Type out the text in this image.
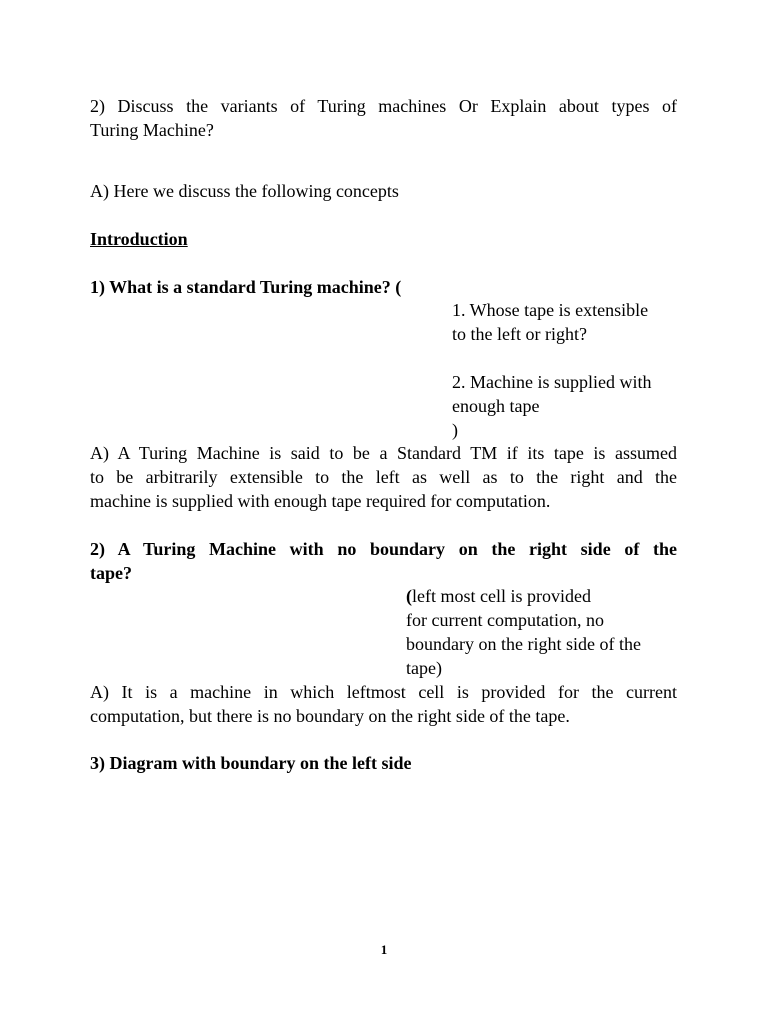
2) Discuss the variants of Turing machines Or Explain about types of
Turing Machine?
A) Here we discuss the following concepts
Introduction
1) What is a standard Turing machine? (
1. Whose tape is extensible
to the left or right?
2. Machine is supplied with
enough tape
)
A) A Turing Machine is said to be a Standard TM if its tape is assumed
to be arbitrarily extensible to the left as well as to the right and the
machine is supplied with enough tape required for computation.
2) A Turing Machine with no boundary on the right side of the
tape?
(left most cell is provided
for current computation, no
boundary on the right side of the
tape)
A) It is a machine in which leftmost cell is provided for the current
computation, but there is no boundary on the right side of the tape.
3) Diagram with boundary on the left side
1
